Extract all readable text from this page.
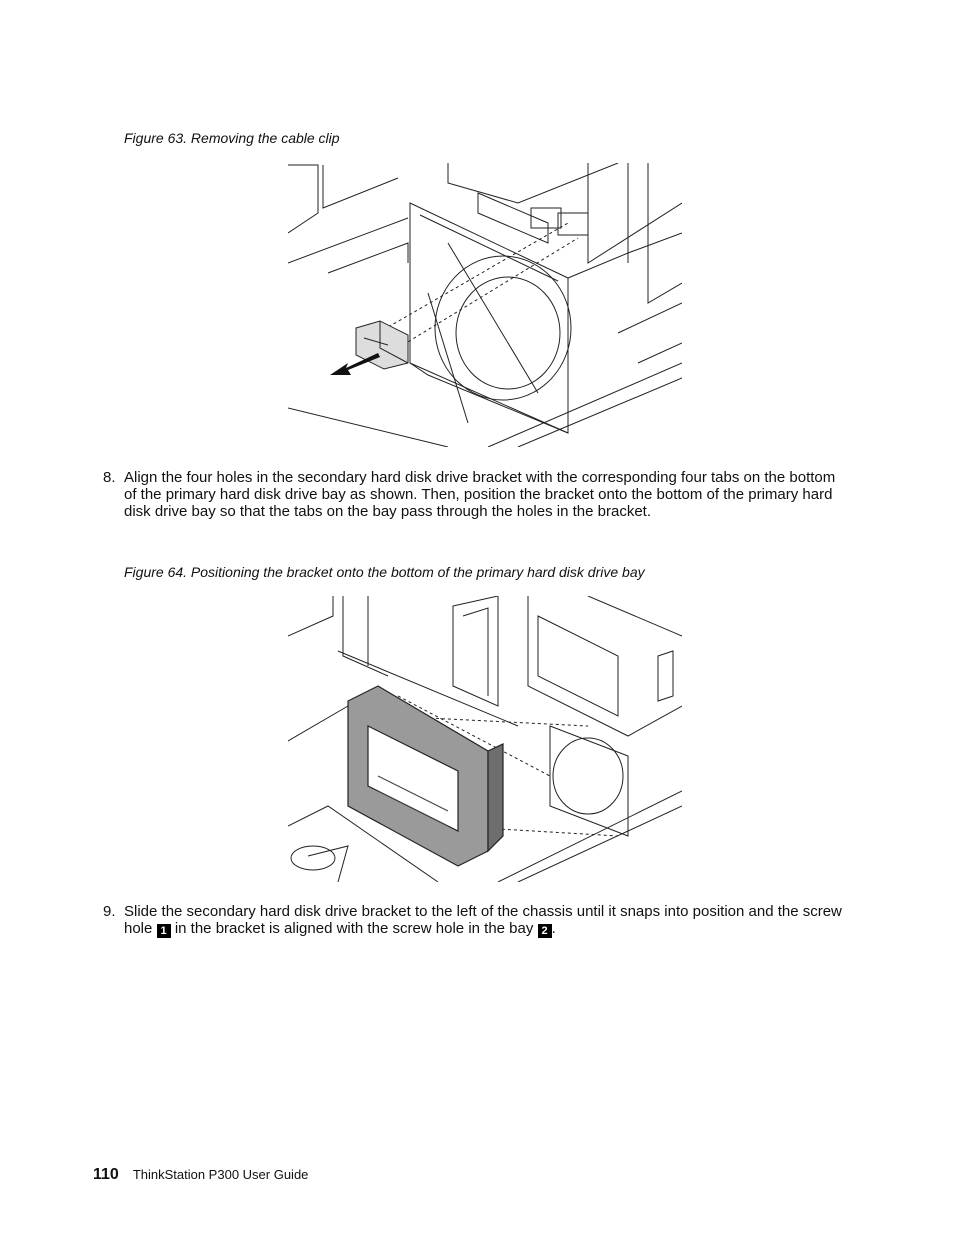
Figure 63. Removing the cable clip
8. Align the four holes in the secondary hard disk drive bracket with the corresponding four tabs on the bottom of the primary hard disk drive bay as shown. Then, position the bracket onto the bottom of the primary hard disk drive bay so that the tabs on the bay pass through the holes in the bracket.
Figure 64. Positioning the bracket onto the bottom of the primary hard disk drive bay
9. Slide the secondary hard disk drive bracket to the left of the chassis until it snaps into position and the screw hole 1 in the bracket is aligned with the screw hole in the bay 2 .
110 ThinkStation P300 User Guide
